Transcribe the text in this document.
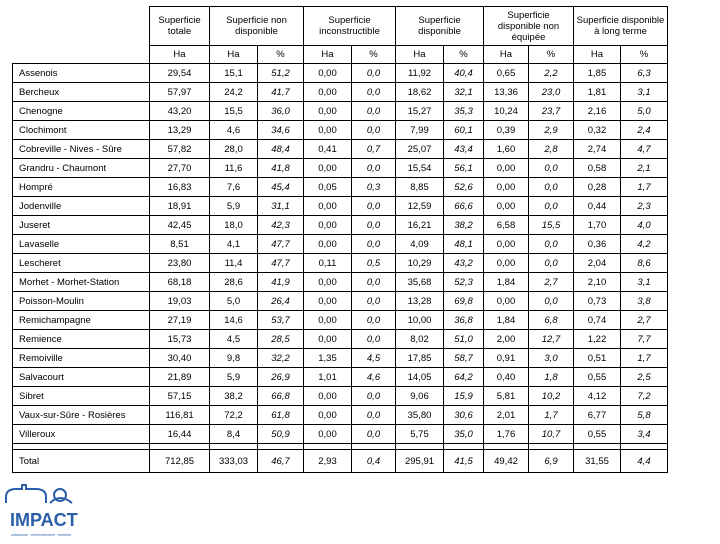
	Superficie totale	Superficie non disponible		Superficie inconstructible		Superficie disponible		Superficie disponible non équipée		Superficie disponible à long terme	
	Ha	Ha	%	Ha	%	Ha	%	Ha	%	Ha	%
Assenois	29,54	15,1	51,2	0,00	0,0	11,92	40,4	0,65	2,2	1,85	6,3
Bercheux	57,97	24,2	41,7	0,00	0,0	18,62	32,1	13,36	23,0	1,81	3,1
Chenogne	43,20	15,5	36,0	0,00	0,0	15,27	35,3	10,24	23,7	2,16	5,0
Clochimont	13,29	4,6	34,6	0,00	0,0	7,99	60,1	0,39	2,9	0,32	2,4
Cobreville - Nives - Sûre	57,82	28,0	48,4	0,41	0,7	25,07	43,4	1,60	2,8	2,74	4,7
Grandru - Chaumont	27,70	11,6	41,8	0,00	0,0	15,54	56,1	0,00	0,0	0,58	2,1
Hompré	16,83	7,6	45,4	0,05	0,3	8,85	52,6	0,00	0,0	0,28	1,7
Jodenville	18,91	5,9	31,1	0,00	0,0	12,59	66,6	0,00	0,0	0,44	2,3
Juseret	42,45	18,0	42,3	0,00	0,0	16,21	38,2	6,58	15,5	1,70	4,0
Lavaselle	8,51	4,1	47,7	0,00	0,0	4,09	48,1	0,00	0,0	0,36	4,2
Lescheret	23,80	11,4	47,7	0,11	0,5	10,29	43,2	0,00	0,0	2,04	8,6
Morhet - Morhet-Station	68,18	28,6	41,9	0,00	0,0	35,68	52,3	1,84	2,7	2,10	3,1
Poisson-Moulin	19,03	5,0	26,4	0,00	0,0	13,28	69,8	0,00	0,0	0,73	3,8
Remichampagne	27,19	14,6	53,7	0,00	0,0	10,00	36,8	1,84	6,8	0,74	2,7
Remience	15,73	4,5	28,5	0,00	0,0	8,02	51,0	2,00	12,7	1,22	7,7
Remoiville	30,40	9,8	32,2	1,35	4,5	17,85	58,7	0,91	3,0	0,51	1,7
Salvacourt	21,89	5,9	26,9	1,01	4,6	14,05	64,2	0,40	1,8	0,55	2,5
Sibret	57,15	38,2	66,8	0,00	0,0	9,06	15,9	5,81	10,2	4,12	7,2
Vaux-sur-Sûre - Rosières	116,81	72,2	61,8	0,00	0,0	35,80	30,6	2,01	1,7	6,77	5,8
Villeroux	16,44	8,4	50,9	0,00	0,0	5,75	35,0	1,76	10,7	0,55	3,4

Total	712,85	333,03	46,7	2,93	0,4	295,91	41,5	49,42	6,9	31,55	4,4
IMPACT
urbanisme · environnement · territoire
